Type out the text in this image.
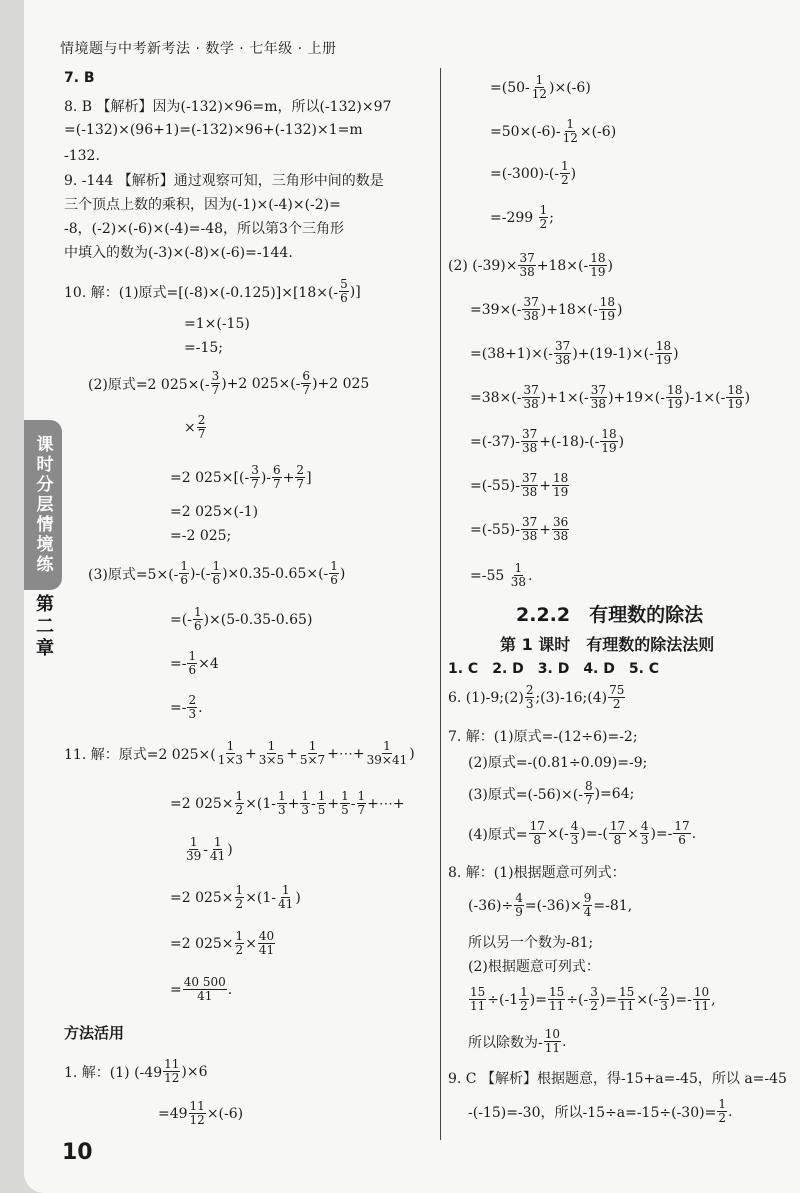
情境题与中考新考法 · 数学 · 七年级 · 上册
课时分层情境练
第二章
10
7. B
8. B 【解析】因为(-132)×96=m，所以(-132)×97
=(-132)×(96+1)=(-132)×96+(-132)×1=m
-132.
9. -144 【解析】通过观察可知，三角形中间的数是
三个顶点上数的乘积，因为(-1)×(-4)×(-2)=
-8，(-2)×(-6)×(-4)=-48，所以第3个三角形
中填入的数为(-3)×(-8)×(-6)=-144.
10. 解：(1)原式=[(-8)×(-0.125)]×[18×(-
5
6 )]
=1×(-15)
=-15;
(2)原式=2 025×(-
3
7 )+2 025×(- 6
7 )+2 025
× $\frac{2}{7}$
=2 025×[(- 3
7 )- 6
$7 + \frac{2}{7}$ ]
=2 025×(-1)
=-2 025;
(3)原式=5×(-
1
6 )-(- 1
6 )×0.35-0.65×(- 1
6 )
=(- 1
6 )×(5-0.35-0.65)
=- $\frac{1}{6} \times 4$
=- 2
3 .
11. 解：原式=2 025×(
1
$1\times 3 + \frac{1}{3\times 5} + \frac{1}{5\times 7}$ +⋯+ $\frac{1}{39\times 41}$ )
=2 $025\times \frac{1}{2} \times(1-$ 1
$3 + \frac{1}{3} - 1$
$5 + \frac{1}{5} - 1$
7 +⋯+
1
39 - 1
41 )
=2 $025\times \frac{1}{2} \times(1-$ 1
41 )
=2 $025\times \frac{1}{2} \times \frac{40}{41}$
= $\frac{40 500}{41}$ .
方法活用
1. 解：(1) (-49
11
12 )×6
$=49 \frac{11}{12} \times(-6)$
=(50- 1
12 )×(-6)
$=50\times(-6)- \frac{1}{12} \times(-6)$
=(-300)-(- 1
2 )
=-299
1
2 ;
(2) $(-39)\times \frac{37}{38} +18\times(-$ 18
19 )
=39×(- 37
38 )+18×(- 18
19 )
=(38+1)×(- 37
38 )+(19-1)×(- 18
19 )
=38×(- 37
38 )+1×(- 37
38 )+19×(- 18
19 )-1×(- 18
19 )
=(-37)- 37
38 +(-18)-(- 18
19 )
=(-55)- 37
$38 + \frac{18}{19}$
=(-55)- 37
$38 + \frac{36}{38}$
=-55
1
38 .
2.2.2　有理数的除法
第 1 课时　有理数的除法法则
1. C　2. D　3. D　4. D　5. C
6. (1)-9;(2) 2
3 ;(3)-16;(4) 75
2
7. 解：(1)原式=-(12÷6)=-2;
(2)原式=-(0.81÷0.09)=-9;
(3)原式=(-56)×(-
8
7 )=64;
(4)原式= $\frac{17}{8}$ ×(- 4
3 )=-( $\frac{17}{8} \times \frac{4}{3}$ )=- 17
6 .
8. 解：(1)根据题意可列式：
$(-36)\div \frac{4}{9} =(-36)\times \frac{9}{4} =-81$,
所以另一个数为-81;
(2)根据题意可列式：
$\frac{15}{11} \div(-1$ 1
2 )= $\frac{15}{11}$ ÷(- 3
2 )= $\frac{15}{11}$ ×(- 2
3 )=- 10
11 ,
所以除数为-
10
11 .
9. C 【解析】根据题意，得-15+a=-45，所以 a=-45
-(-15)=-30，所以$-15\div a=-15\div(-30)= \frac{1}{2}$ .
